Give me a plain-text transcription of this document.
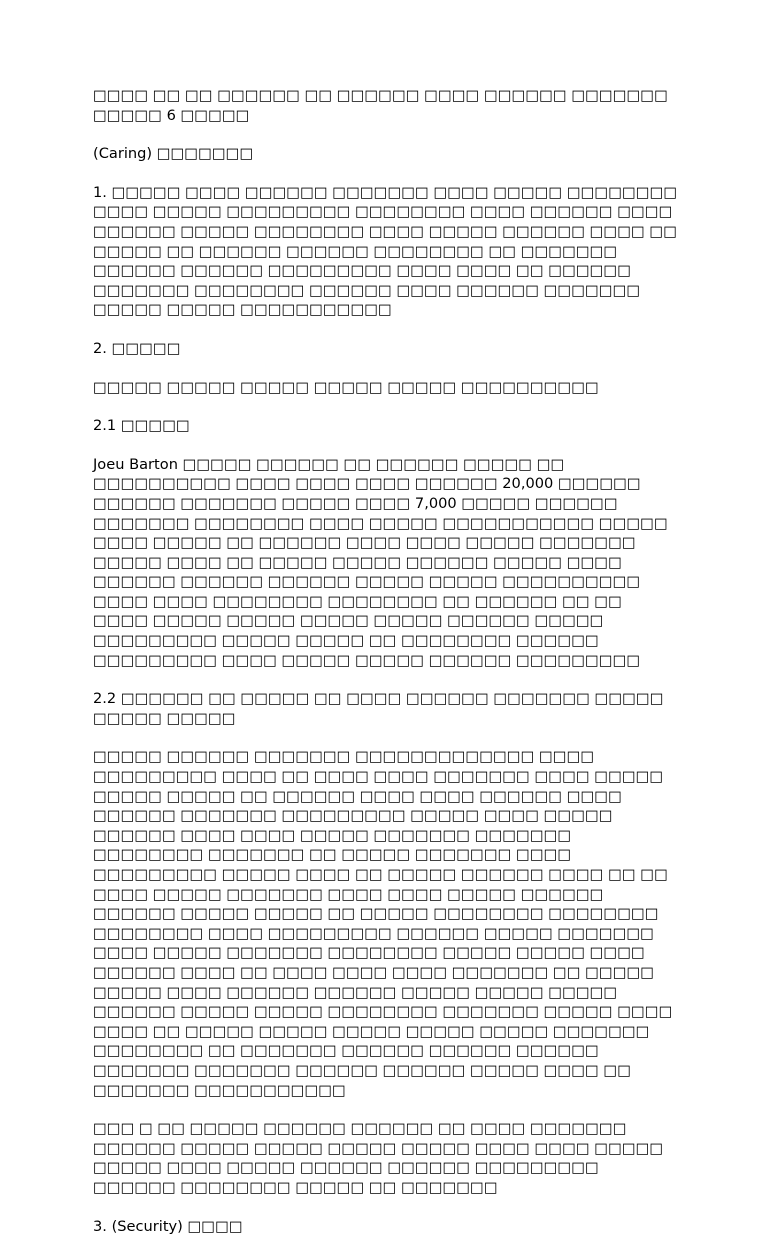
□□□□ □□ □□ □□□□□□ □□ □□□□□□ □□□□ □□□□□□ □□□□□□□ □□□□□ 6 □□□□□

(Caring) □□□□□□□

1. □□□□□ □□□□ □□□□□□ □□□□□□□ □□□□ □□□□□ □□□□□□□□ □□□□ □□□□□ □□□□□□□□□ □□□□□□□□ □□□□ □□□□□□ □□□□ □□□□□□ □□□□□ □□□□□□□□ □□□□ □□□□□ □□□□□□ □□□□ □□ □□□□□ □□ □□□□□□ □□□□□□ □□□□□□□□ □□ □□□□□□□ □□□□□□ □□□□□□ □□□□□□□□□ □□□□ □□□□ □□ □□□□□□ □□□□□□□ □□□□□□□□ □□□□□□ □□□□ □□□□□□ □□□□□□□ □□□□□ □□□□□ □□□□□□□□□□□

2. □□□□□

□□□□□ □□□□□ □□□□□ □□□□□ □□□□□ □□□□□□□□□□

2.1 □□□□□

Joeu Barton □□□□□ □□□□□□ □□ □□□□□□ □□□□□ □□ □□□□□□□□□□ □□□□ □□□□ □□□□ □□□□□□ 20,000 □□□□□□ □□□□□□ □□□□□□□ □□□□□ □□□□ 7,000 □□□□□ □□□□□□ □□□□□□□ □□□□□□□□ □□□□ □□□□□ □□□□□□□□□□□ □□□□□ □□□□ □□□□□ □□ □□□□□□ □□□□ □□□□ □□□□□ □□□□□□□ □□□□□ □□□□ □□ □□□□□ □□□□□ □□□□□□ □□□□□ □□□□ □□□□□□ □□□□□□ □□□□□□ □□□□□ □□□□□ □□□□□□□□□□ □□□□ □□□□ □□□□□□□□ □□□□□□□□ □□ □□□□□□ □□ □□ □□□□ □□□□□ □□□□□ □□□□□ □□□□□ □□□□□□ □□□□□ □□□□□□□□□ □□□□□ □□□□□ □□ □□□□□□□□ □□□□□□ □□□□□□□□□ □□□□ □□□□□ □□□□□ □□□□□□ □□□□□□□□□

2.2 □□□□□□ □□ □□□□□ □□ □□□□ □□□□□□ □□□□□□□ □□□□□ □□□□□ □□□□□

□□□□□ □□□□□□ □□□□□□□ □□□□□□□□□□□□□ □□□□ □□□□□□□□□ □□□□ □□ □□□□ □□□□ □□□□□□□ □□□□ □□□□□ □□□□□ □□□□□ □□ □□□□□□ □□□□ □□□□ □□□□□□ □□□□ □□□□□□ □□□□□□□ □□□□□□□□□ □□□□□ □□□□ □□□□□ □□□□□□ □□□□ □□□□ □□□□□ □□□□□□□ □□□□□□□ □□□□□□□□ □□□□□□□ □□ □□□□□ □□□□□□□ □□□□ □□□□□□□□□ □□□□□ □□□□ □□ □□□□□ □□□□□□ □□□□ □□ □□ □□□□ □□□□□ □□□□□□□ □□□□ □□□□ □□□□□ □□□□□□ □□□□□□ □□□□□ □□□□□ □□ □□□□□ □□□□□□□□ □□□□□□□□ □□□□□□□□ □□□□ □□□□□□□□□ □□□□□□ □□□□□ □□□□□□□ □□□□ □□□□□ □□□□□□□ □□□□□□□□ □□□□□ □□□□□ □□□□ □□□□□□ □□□□ □□ □□□□ □□□□ □□□□ □□□□□□□ □□ □□□□□ □□□□□ □□□□ □□□□□□ □□□□□□ □□□□□ □□□□□ □□□□□ □□□□□□ □□□□□ □□□□□ □□□□□□□□ □□□□□□□ □□□□□ □□□□ □□□□ □□ □□□□□ □□□□□ □□□□□ □□□□□ □□□□□ □□□□□□□ □□□□□□□□ □□ □□□□□□□ □□□□□□ □□□□□□ □□□□□□ □□□□□□□ □□□□□□□ □□□□□□ □□□□□□ □□□□□ □□□□ □□ □□□□□□□ □□□□□□□□□□□

□□□ □ □□ □□□□□ □□□□□□ □□□□□□ □□ □□□□ □□□□□□□ □□□□□□ □□□□□ □□□□□ □□□□□ □□□□□ □□□□ □□□□ □□□□□ □□□□□ □□□□ □□□□□ □□□□□□ □□□□□□ □□□□□□□□□ □□□□□□ □□□□□□□□ □□□□□ □□ □□□□□□□

3. (Security) □□□□
